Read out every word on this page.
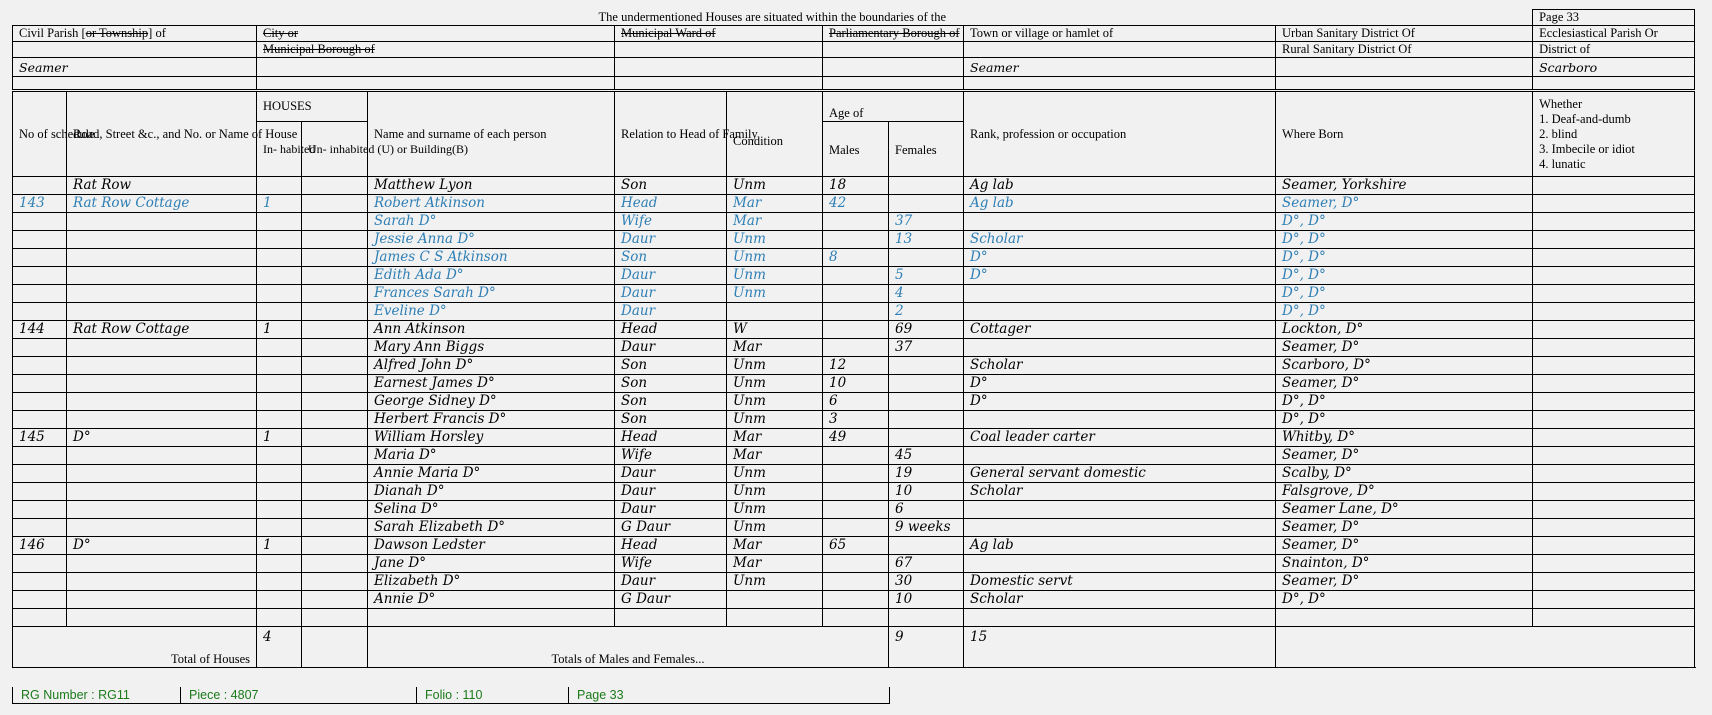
The undermentioned Houses are situated within the boundaries of the											Page 33	
Civil Parish [or Township] of		City or			Municipal Ward of		Parliamentary Borough of		Town or village or hamlet of	Urban Sanitary District Of	Ecclesiastical Parish Or	
		Municipal Borough of								Rural Sanitary District Of	District of	
Seamer									Seamer		Scarboro	

No of schedule	Road, Street &c., and No. or Name of House	HOUSES		Name and surname of each person	Relation to Head of Family	Condition	Age of		Rank, profession or occupation	Where Born	Whether
1. Deaf-and-dumb
2. blind
3. Imbecile or idiot
4. lunatic	

		In- habited	Un- inhabited (U) or Building(B)				Males	Females				
	Rat Row			Matthew Lyon	Son	Unm	18		Ag lab	Seamer, Yorkshire		
143	Rat Row Cottage	1		Robert Atkinson	Head	Mar	42		Ag lab	Seamer, D°		
				Sarah D°	Wife	Mar		37		D°, D°		
				Jessie Anna D°	Daur	Unm		13	Scholar	D°, D°		
				James C S Atkinson	Son	Unm	8		D°	D°, D°		
				Edith Ada D°	Daur	Unm		5	D°	D°, D°		
				Frances Sarah D°	Daur	Unm		4		D°, D°		
				Eveline D°	Daur			2		D°, D°		
144	Rat Row Cottage	1		Ann Atkinson	Head	W		69	Cottager	Lockton, D°		
				Mary Ann Biggs	Daur	Mar		37		Seamer, D°		
				Alfred John D°	Son	Unm	12		Scholar	Scarboro, D°		
				Earnest James D°	Son	Unm	10		D°	Seamer, D°		
				George Sidney D°	Son	Unm	6		D°	D°, D°		
				Herbert Francis D°	Son	Unm	3			D°, D°		
145	D°	1		William Horsley	Head	Mar	49		Coal leader carter	Whitby, D°		
				Maria D°	Wife	Mar		45		Seamer, D°		
				Annie Maria D°	Daur	Unm		19	General servant domestic	Scalby, D°		
				Dianah D°	Daur	Unm		10	Scholar	Falsgrove, D°		
				Selina D°	Daur	Unm		6		Seamer Lane, D°		
				Sarah Elizabeth D°	G Daur	Unm		9 weeks		Seamer, D°		
146	D°	1		Dawson Ledster	Head	Mar	65		Ag lab	Seamer, D°		
				Jane D°	Wife	Mar		67		Snainton, D°		
				Elizabeth D°	Daur	Unm		30	Domestic servt	Seamer, D°		
				Annie D°	G Daur			10	Scholar	D°, D°		

Total of Houses		4		Totals of Males and Females...				9	15			
RG Number : RG11	Piece : 4807	Folio : 110	Page 33
